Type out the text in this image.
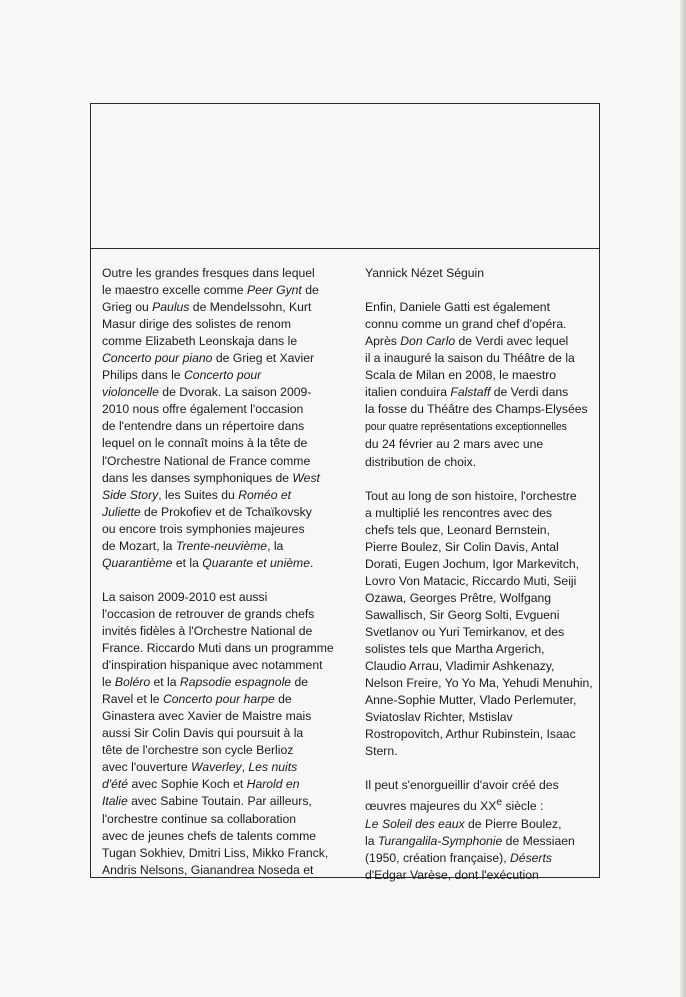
Outre les grandes fresques dans lequel
le maestro excelle comme Peer Gynt de
Grieg ou Paulus de Mendelssohn, Kurt
Masur dirige des solistes de renom
comme Elizabeth Leonskaja dans le
Concerto pour piano de Grieg et Xavier
Philips dans le Concerto pour
violoncelle de Dvorak. La saison 2009-
2010 nous offre également l'occasion
de l'entendre dans un répertoire dans
lequel on le connaît moins à la tête de
l'Orchestre National de France comme
dans les danses symphoniques de West
Side Story, les Suites du Roméo et
Juliette de Prokofiev et de Tchaïkovsky
ou encore trois symphonies majeures
de Mozart, la Trente-neuvième, la
Quarantième et la Quarante et unième.
La saison 2009-2010 est aussi
l'occasion de retrouver de grands chefs
invités fidèles à l'Orchestre National de
France. Riccardo Muti dans un programme
d'inspiration hispanique avec notamment
le Boléro et la Rapsodie espagnole de
Ravel et le Concerto pour harpe de
Ginastera avec Xavier de Maistre mais
aussi Sir Colin Davis qui poursuit à la
tête de l'orchestre son cycle Berlioz
avec l'ouverture Waverley, Les nuits
d'été avec Sophie Koch et Harold en
Italie avec Sabine Toutain. Par ailleurs,
l'orchestre continue sa collaboration
avec de jeunes chefs de talents comme
Tugan Sokhiev, Dmitri Liss, Mikko Franck,
Andris Nelsons, Gianandrea Noseda et
Yannick Nézet Séguin
Enfin, Daniele Gatti est également
connu comme un grand chef d'opéra.
Après Don Carlo de Verdi avec lequel
il a inauguré la saison du Théâtre de la
Scala de Milan en 2008, le maestro
italien conduira Falstaff de Verdi dans
la fosse du Théâtre des Champs-Elysées
pour quatre représentations exceptionnelles
du 24 février au 2 mars avec une
distribution de choix.
Tout au long de son histoire, l'orchestre
a multiplié les rencontres avec des
chefs tels que, Leonard Bernstein,
Pierre Boulez, Sir Colin Davis, Antal
Dorati, Eugen Jochum, Igor Markevitch,
Lovro Von Matacic, Riccardo Muti, Seiji
Ozawa, Georges Prêtre, Wolfgang
Sawallisch, Sir Georg Solti, Evgueni
Svetlanov ou Yuri Temirkanov, et des
solistes tels que Martha Argerich,
Claudio Arrau, Vladimir Ashkenazy,
Nelson Freire, Yo Yo Ma, Yehudi Menuhin,
Anne-Sophie Mutter, Vlado Perlemuter,
Sviatoslav Richter, Mstislav
Rostropovitch, Arthur Rubinstein, Isaac
Stern.
Il peut s'enorgueillir d'avoir créé des
œuvres majeures du XXe siècle :
Le Soleil des eaux de Pierre Boulez,
la Turangalila-Symphonie de Messiaen
(1950, création française), Déserts
d'Edgar Varèse, dont l'exécution
